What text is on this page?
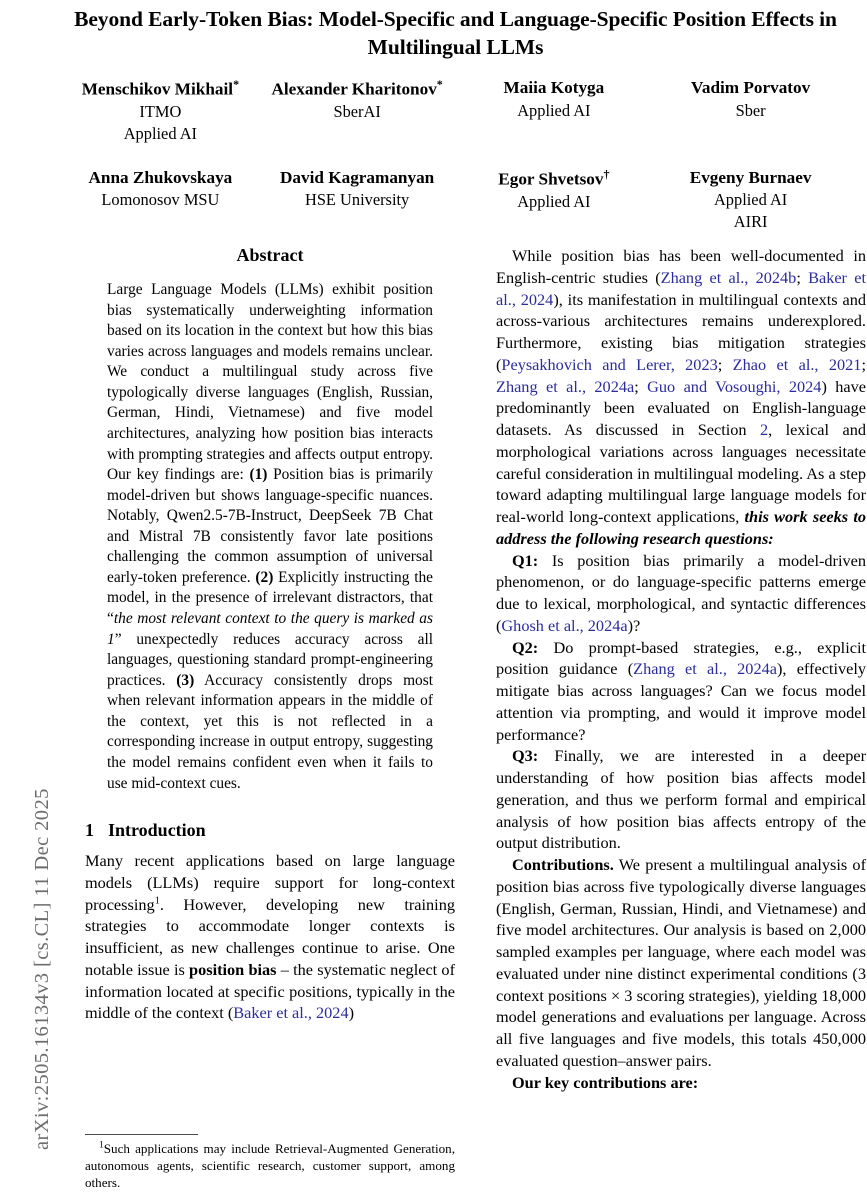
arXiv:2505.16134v3 [cs.CL] 11 Dec 2025
Beyond Early-Token Bias: Model-Specific and Language-Specific Position Effects in Multilingual LLMs
Menschikov Mikhail*
ITMO
Applied AI
Alexander Kharitonov*
SberAI
Maiia Kotyga
Applied AI
Vadim Porvatov
Sber
Anna Zhukovskaya
Lomonosov MSU
David Kagramanyan
HSE University
Egor Shvetsov†
Applied AI
Evgeny Burnaev
Applied AI
AIRI
Abstract
Large Language Models (LLMs) exhibit position bias systematically underweighting information based on its location in the context but how this bias varies across languages and models remains unclear. We conduct a multilingual study across five typologically diverse languages (English, Russian, German, Hindi, Vietnamese) and five model architectures, analyzing how position bias interacts with prompting strategies and affects output entropy. Our key findings are: (1) Position bias is primarily model-driven but shows language-specific nuances. Notably, Qwen2.5-7B-Instruct, DeepSeek 7B Chat and Mistral 7B consistently favor late positions challenging the common assumption of universal early-token preference. (2) Explicitly instructing the model, in the presence of irrelevant distractors, that “the most relevant context to the query is marked as 1” unexpectedly reduces accuracy across all languages, questioning standard prompt-engineering practices. (3) Accuracy consistently drops most when relevant information appears in the middle of the context, yet this is not reflected in a corresponding increase in output entropy, suggesting the model remains confident even when it fails to use mid-context cues.
1 Introduction

Many recent applications based on large language models (LLMs) require support for long-context processing$^1$. However, developing new training strategies to accommodate longer contexts is insufficient, as new challenges continue to arise. One notable issue is position bias – the systematic neglect of information located at specific positions, typically in the middle of the context (Baker et al., 2024)

$^1$Such applications may include Retrieval-Augmented Generation, autonomous agents, scientific research, customer support, among others.

While position bias has been well-documented in English-centric studies (Zhang et al., 2024b; Baker et al., 2024), its manifestation in multilingual contexts and across-various architectures remains underexplored. Furthermore, existing bias mitigation strategies (Peysakhovich and Lerer, 2023; Zhao et al., 2021; Zhang et al., 2024a; Guo and Vosoughi, 2024) have predominantly been evaluated on English-language datasets. As discussed in Section 2, lexical and morphological variations across languages necessitate careful consideration in multilingual modeling. As a step toward adapting multilingual large language models for real-world long-context applications, this work seeks to address the following research questions:

Q1: Is position bias primarily a model-driven phenomenon, or do language-specific patterns emerge due to lexical, morphological, and syntactic differences (Ghosh et al., 2024a)?

Q2: Do prompt-based strategies, e.g., explicit position guidance (Zhang et al., 2024a), effectively mitigate bias across languages? Can we focus model attention via prompting, and would it improve model performance?

Q3: Finally, we are interested in a deeper understanding of how position bias affects model generation, and thus we perform formal and empirical analysis of how position bias affects entropy of the output distribution.

Contributions. We present a multilingual analysis of position bias across five typologically diverse languages (English, German, Russian, Hindi, and Vietnamese) and five model architectures. Our analysis is based on 2,000 sampled examples per language, where each model was evaluated under nine distinct experimental conditions (3 context positions × 3 scoring strategies), yielding 18,000 model generations and evaluations per language. Across all five languages and five models, this totals 450,000 evaluated question–answer pairs.

Our key contributions are:
